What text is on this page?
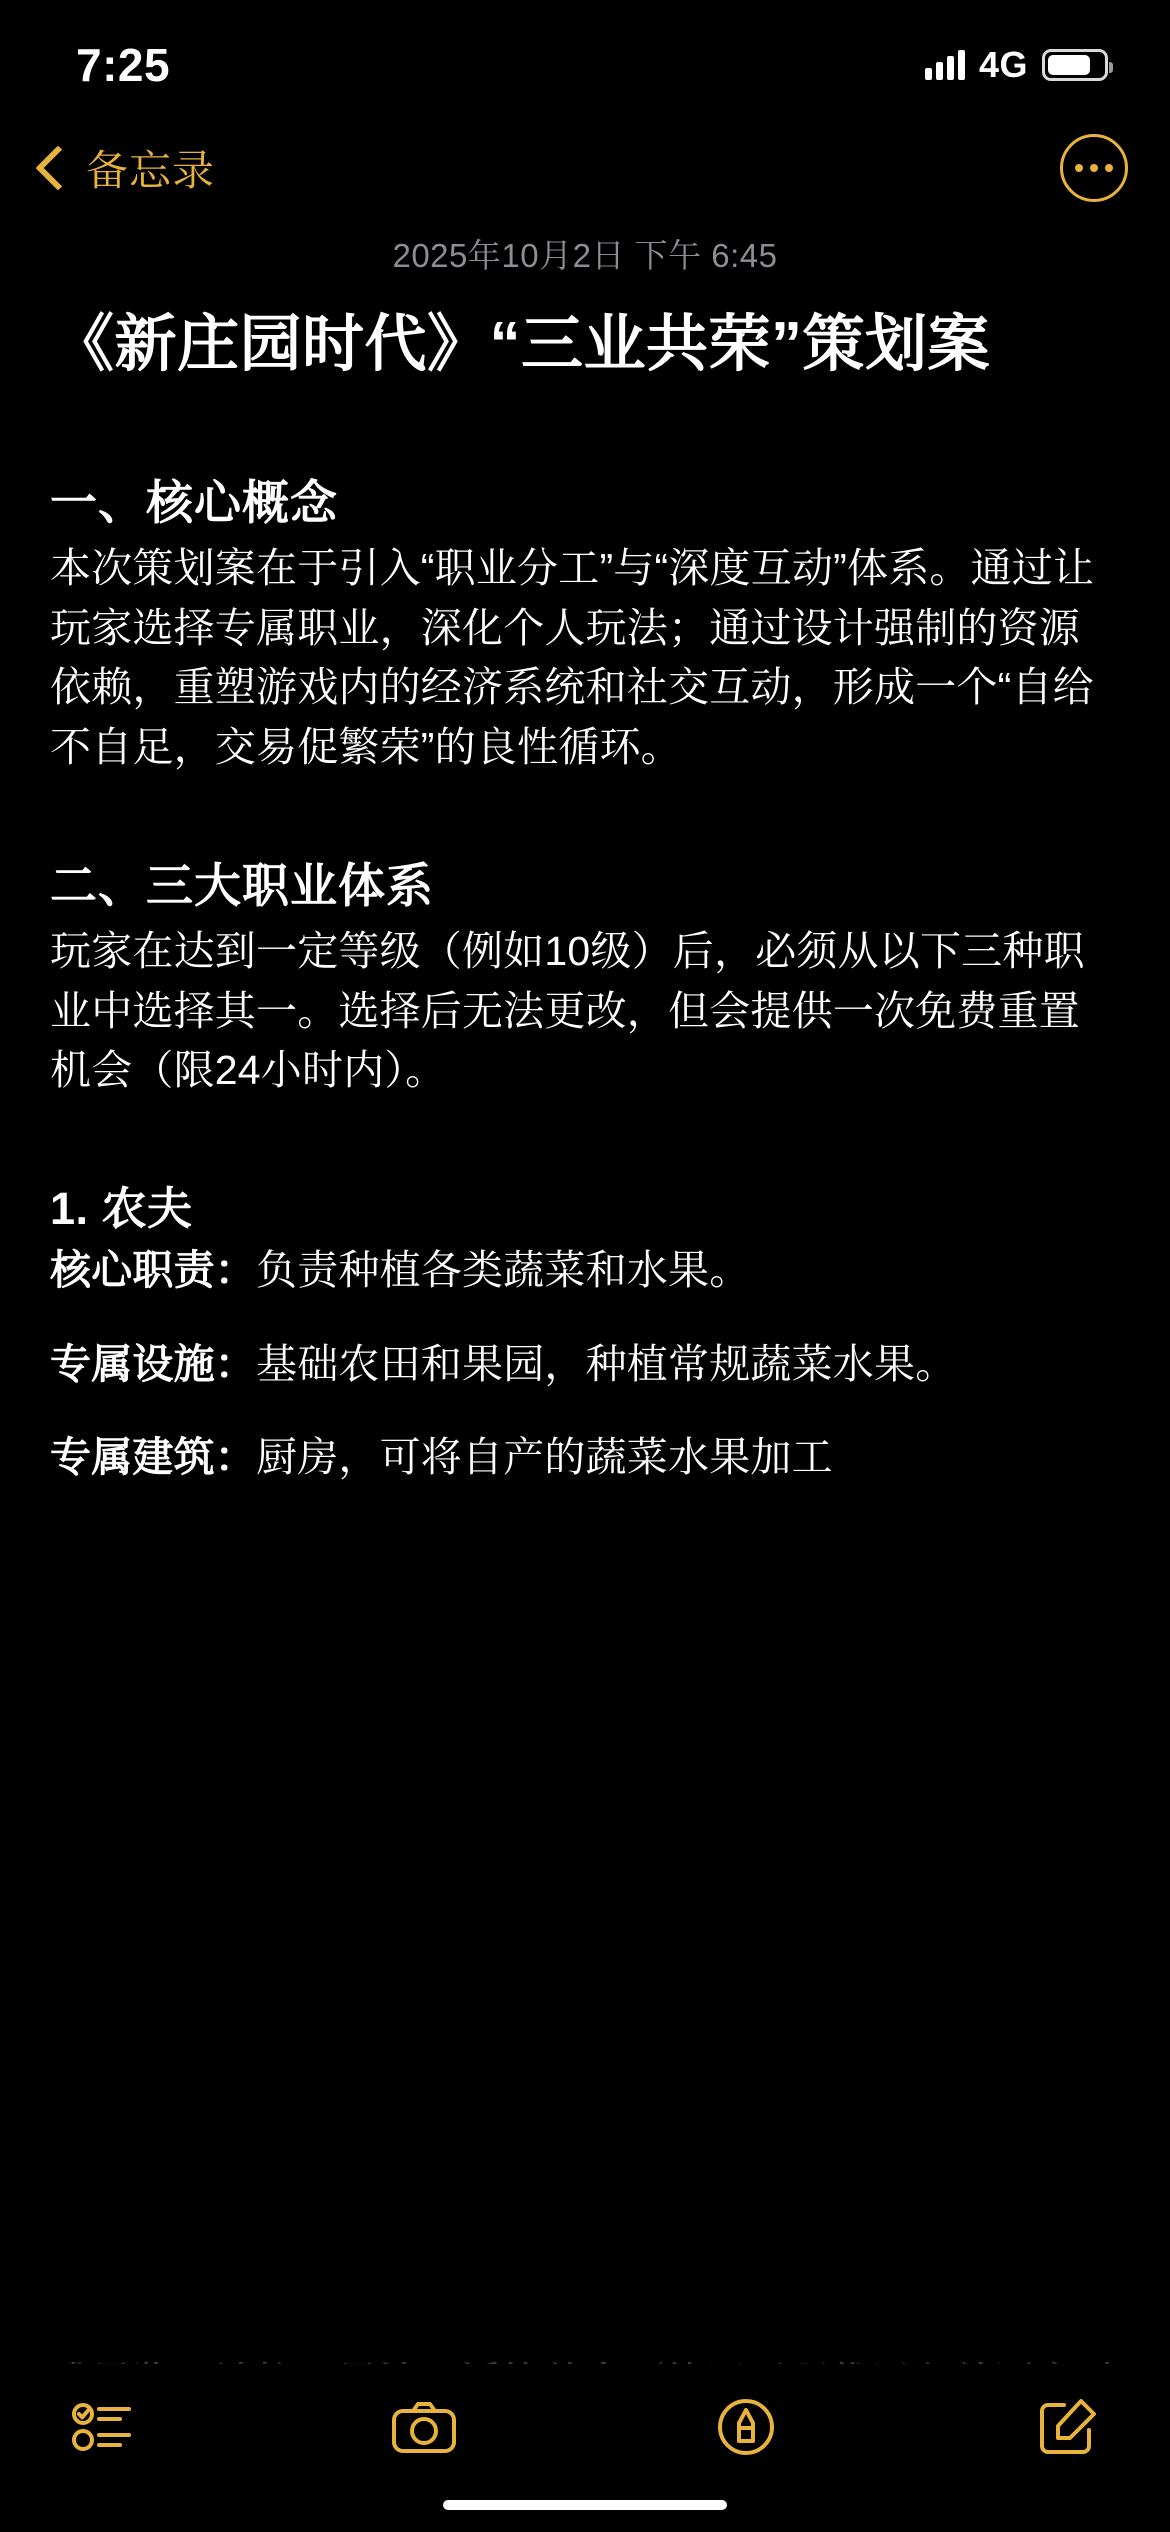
7:25	4G
备忘录
2025年10月2日 下午 6:45
《新庄园时代》“三业共荣”策划案
一、核心概念

本次策划案在于引入“职业分工”与“深度互动”体系。通过让玩家选择专属职业，深化个人玩法；通过设计强制的资源依赖，重塑游戏内的经济系统和社交互动，形成一个“自给不自足，交易促繁荣”的良性循环。

二、三大职业体系

玩家在达到一定等级（例如10级）后，必须从以下三种职业中选择其一。选择后无法更改，但会提供一次免费重置机会（限24小时内）。

1. 农夫

核心职责：负责种植各类蔬菜和水果。

专属设施：基础农田和果园，种植常规蔬菜水果。

专属建筑：厨房，可将自产的蔬菜水果加工
